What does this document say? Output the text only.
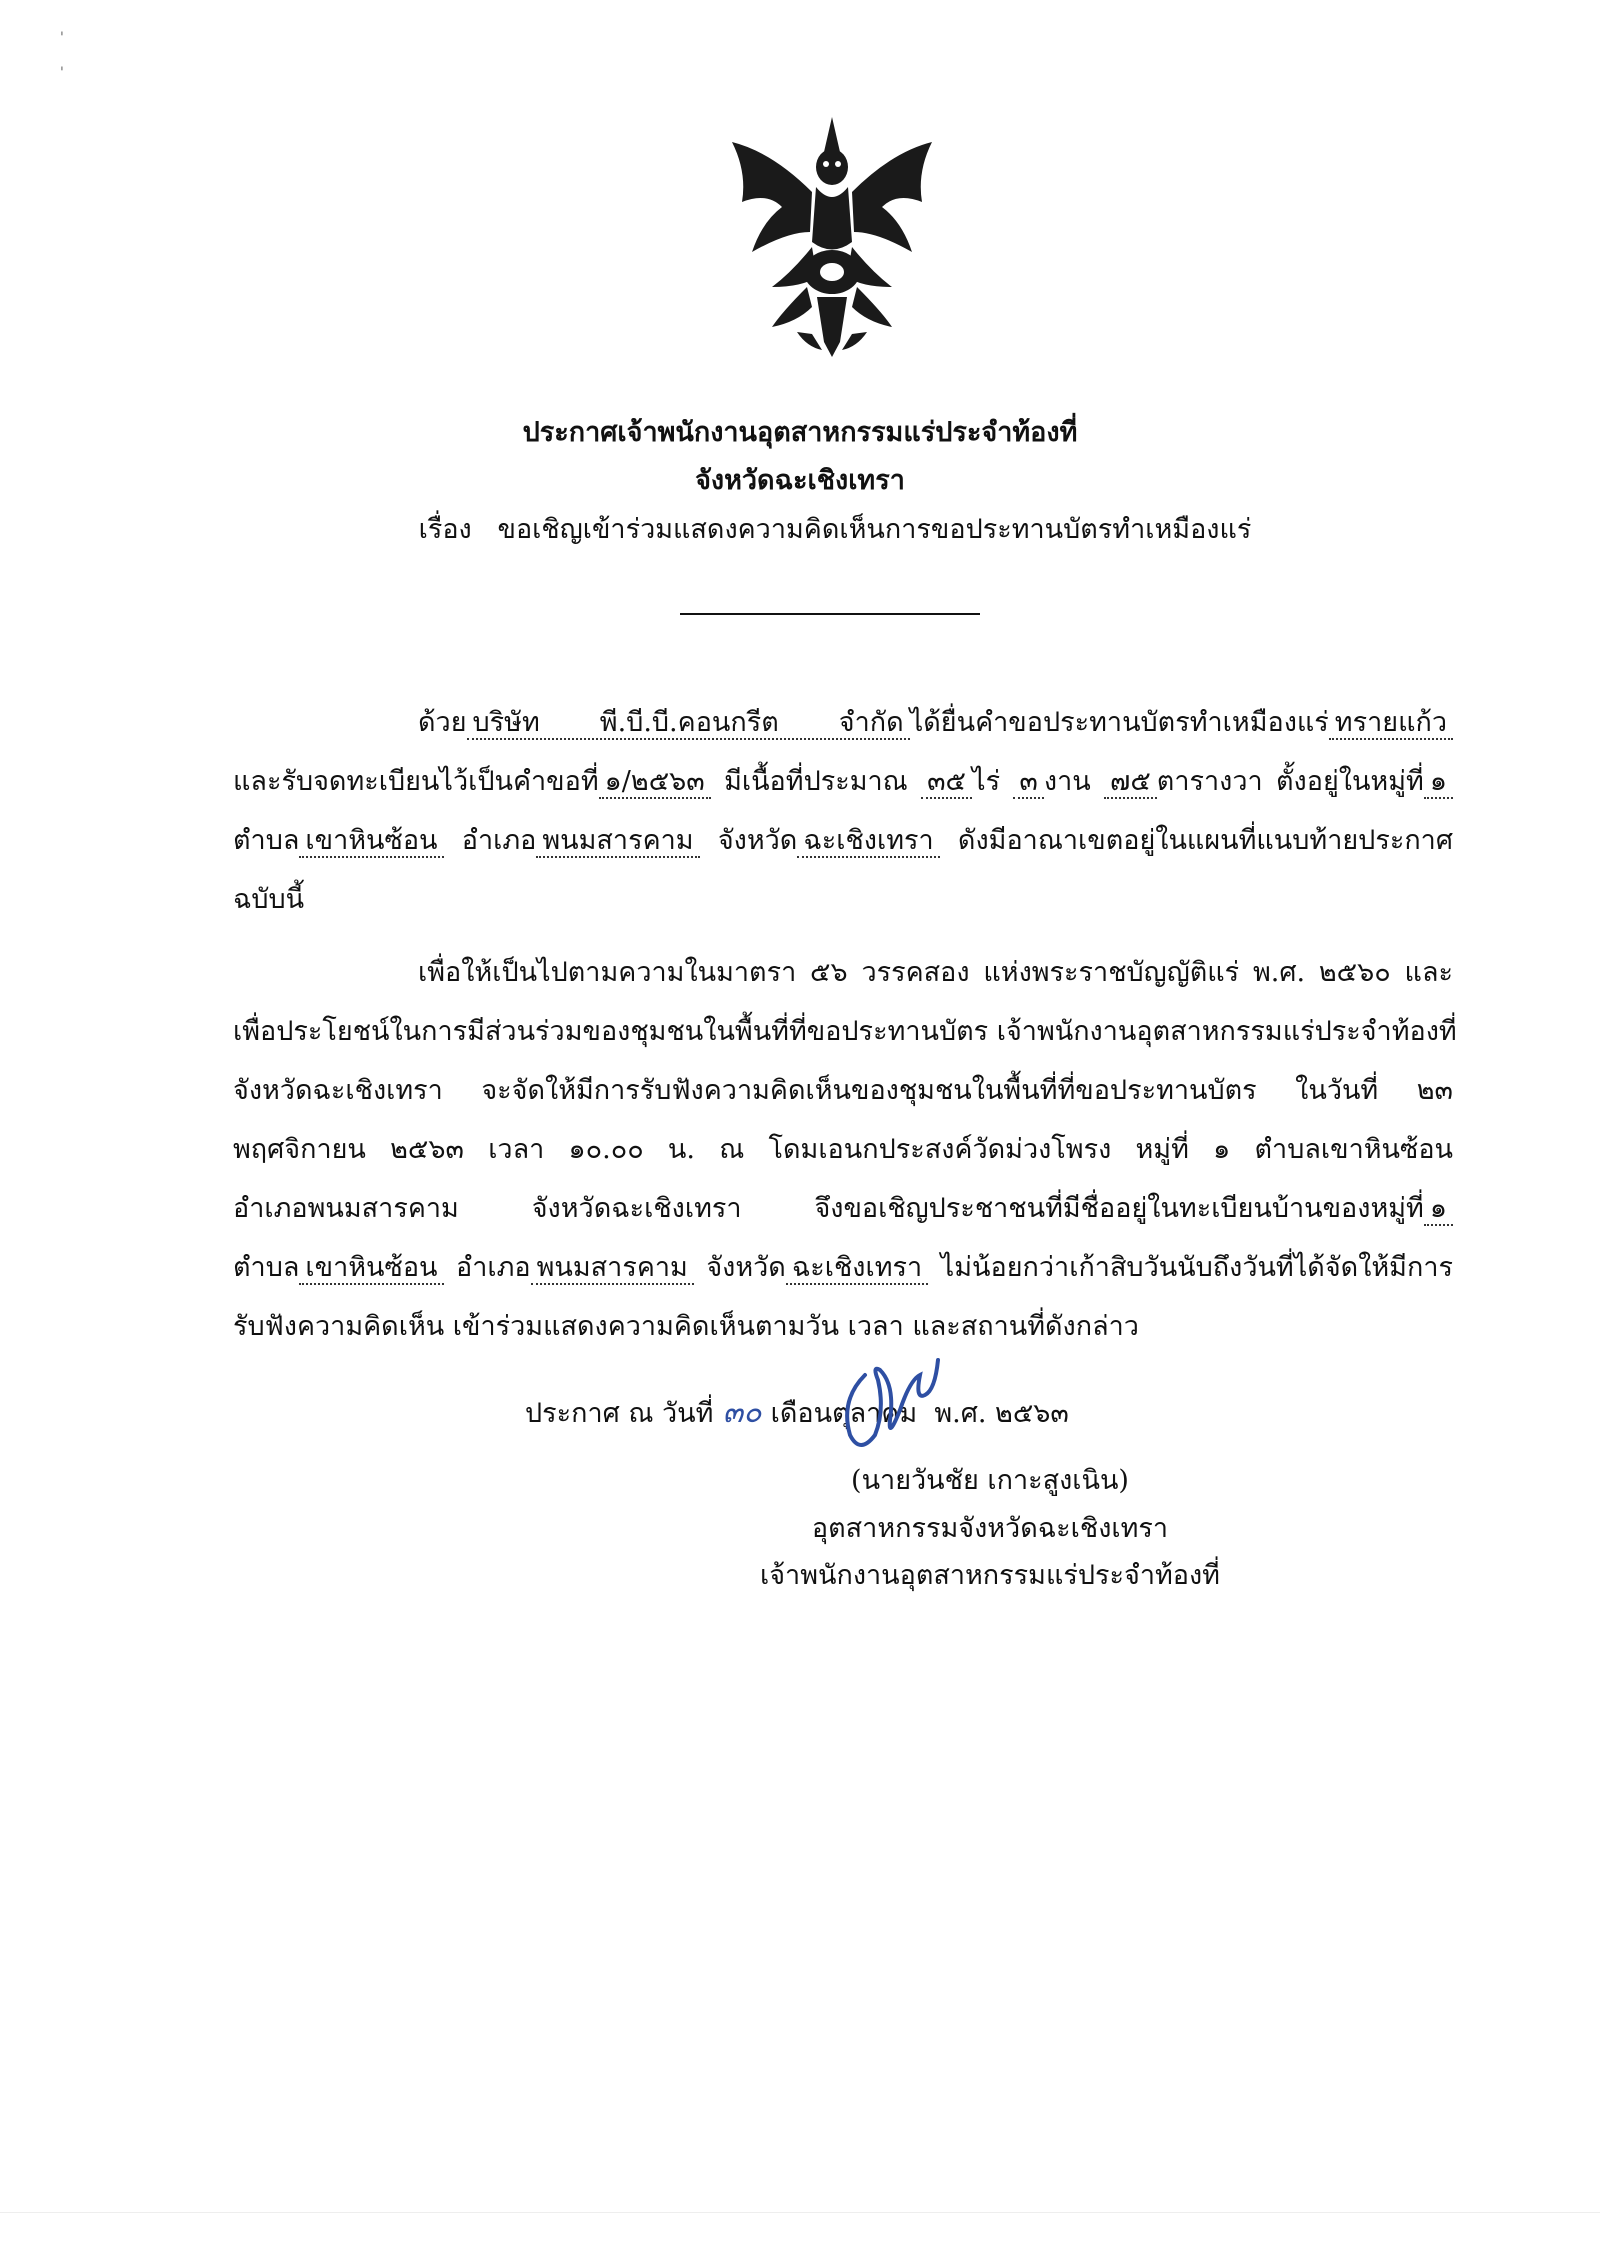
ประกาศเจ้าพนักงานอุตสาหกรรมแร่ประจำท้องที่
จังหวัดฉะเชิงเทรา
เรื่อง ขอเชิญเข้าร่วมแสดงความคิดเห็นการขอประทานบัตรทำเหมืองแร่
ด้วย บริษัท พี.บี.บี.คอนกรีต จำกัด ได้ยื่นคำขอประทานบัตรทำเหมืองแร่ ทรายแก้ว
และรับจดทะเบียนไว้เป็นคำขอที่ ๑/๒๕๖๓ มีเนื้อที่ประมาณ ๓๕ ไร่ ๓ งาน ๗๕ ตารางวา ตั้งอยู่ในหมู่ที่ ๑
ตำบล เขาหินซ้อน อำเภอ พนมสารคาม จังหวัด ฉะเชิงเทรา ดังมีอาณาเขตอยู่ในแผนที่แนบท้ายประกาศ
ฉบับนี้
เพื่อให้เป็นไปตามความในมาตรา ๕๖ วรรคสอง แห่งพระราชบัญญัติแร่ พ.ศ. ๒๕๖๐ และ
เพื่อประโยชน์ในการมีส่วนร่วมของชุมชนในพื้นที่ที่ขอประทานบัตร เจ้าพนักงานอุตสาหกรรมแร่ประจำท้องที่
จังหวัดฉะเชิงเทรา จะจัดให้มีการรับฟังความคิดเห็นของชุมชนในพื้นที่ที่ขอประทานบัตร ในวันที่ ๒๓
พฤศจิกายน ๒๕๖๓ เวลา ๑๐.๐๐ น. ณ โดมเอนกประสงค์วัดม่วงโพรง หมู่ที่ ๑ ตำบลเขาหินซ้อน
อำเภอพนมสารคาม จังหวัดฉะเชิงเทรา จึงขอเชิญประชาชนที่มีชื่ออยู่ในทะเบียนบ้านของหมู่ที่ ๑
ตำบล เขาหินซ้อน อำเภอ พนมสารคาม จังหวัด ฉะเชิงเทรา ไม่น้อยกว่าเก้าสิบวันนับถึงวันที่ได้จัดให้มีการ
รับฟังความคิดเห็น เข้าร่วมแสดงความคิดเห็นตามวัน เวลา และสถานที่ดังกล่าว
ประกาศ ณ วันที่ ๓๐ เดือนตุลาคม พ.ศ. ๒๕๖๓
(นายวันชัย เกาะสูงเนิน)
อุตสาหกรรมจังหวัดฉะเชิงเทรา
เจ้าพนักงานอุตสาหกรรมแร่ประจำท้องที่
'
'
